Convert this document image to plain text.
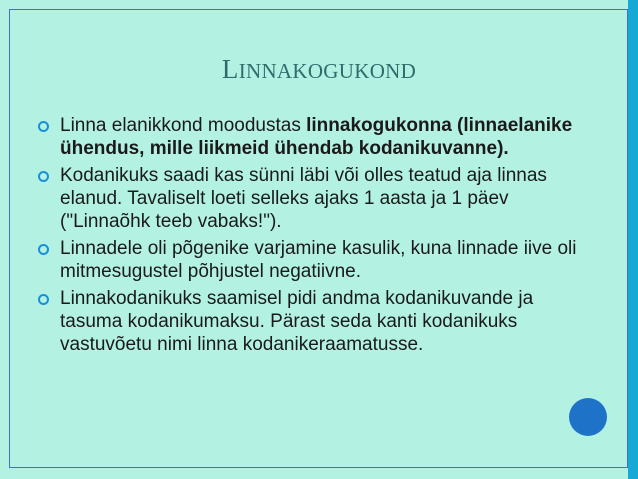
LINNAKOGUKOND
Linna elanikkond moodustas linnakogukonna (linnaelanike ühendus, mille liikmeid ühendab kodanikuvanne).
Kodanikuks saadi kas sünni läbi või olles teatud aja linnas elanud. Tavaliselt loeti selleks ajaks 1 aasta ja 1 päev ("Linnaõhk teeb vabaks!").
Linnadele oli põgenike varjamine kasulik, kuna linnade iive oli mitmesugustel põhjustel negatiivne.
Linnakodanikuks saamisel pidi andma kodanikuvande ja tasuma kodanikumaksu. Pärast seda kanti kodanikuks vastuvõetu nimi linna kodanikeraamatusse.
